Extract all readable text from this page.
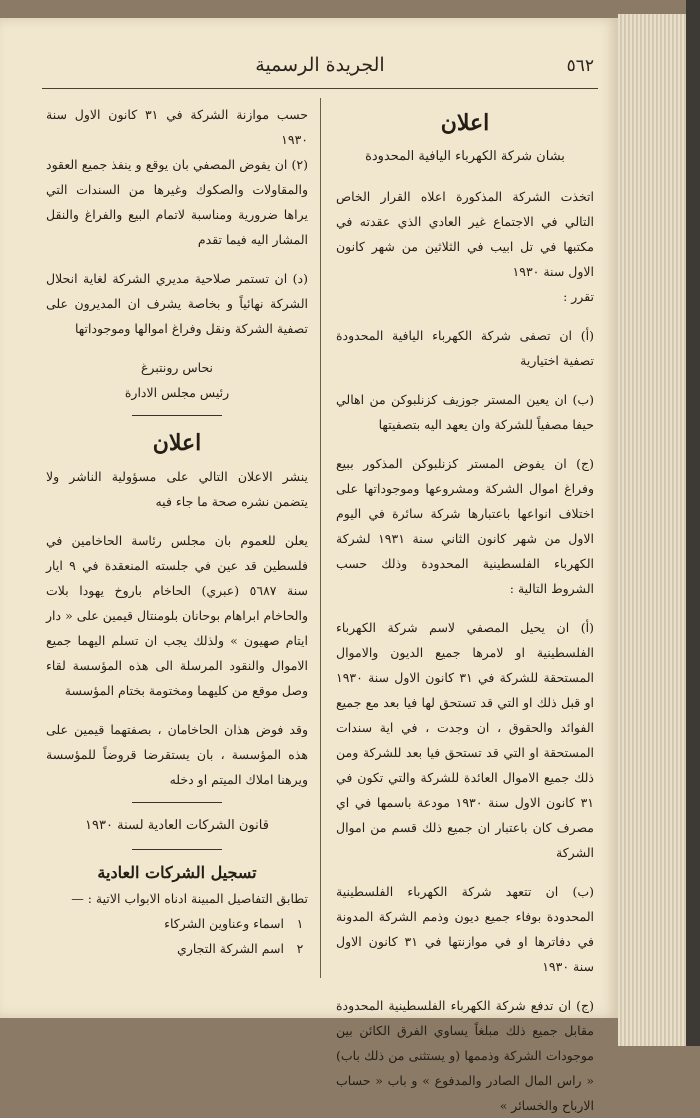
٥٦٢
الجريدة الرسمية
اعلان
بشان شركة الكهرباء اليافية المحدودة

اتخذت الشركة المذكورة اعلاه القرار الخاص التالي في الاجتماع غير العادي الذي عقدته في مكتبها في تل ابيب في الثلاثين من شهر كانون الاول سنة ١٩٣٠

تقرر :

(أ) ان تصفى شركة الكهرباء اليافية المحدودة تصفية اختيارية

(ب) ان يعين المستر جوزيف كزنلبوكن من اهالي حيفا مصفياً للشركة وان يعهد اليه بتصفيتها

(ج) ان يفوض المستر كزنلبوكن المذكور ببيع وفراغ اموال الشركة ومشروعها وموجوداتها على اختلاف انواعها باعتبارها شركة سائرة في اليوم الاول من شهر كانون الثاني سنة ١٩٣١ لشركة الكهرباء الفلسطينية المحدودة وذلك حسب الشروط التالية :

(أ) ان يحيل المصفي لاسم شركة الكهرباء الفلسطينية او لامرها جميع الديون والاموال المستحقة للشركة في ٣١ كانون الاول سنة ١٩٣٠ او قبل ذلك او التي قد تستحق لها فيا بعد مع جميع الفوائد والحقوق ، ان وجدت ، في اية سندات المستحقة او التي قد تستحق فيا بعد للشركة ومن ذلك جميع الاموال العائدة للشركة والتي تكون في ٣١ كانون الاول سنة ١٩٣٠ مودعة باسمها في اي مصرف كان باعتبار ان جميع ذلك قسم من اموال الشركة

(ب) ان تتعهد شركة الكهرباء الفلسطينية المحدودة بوفاء جميع ديون وذمم الشركة المدونة في دفاترها او في موازنتها في ٣١ كانون الاول سنة ١٩٣٠

(ج) ان تدفع شركة الكهرباء الفلسطينية المحدودة مقابل جميع ذلك مبلغاً يساوي الفرق الكائن بين موجودات الشركة وذممها (و يستثنى من ذلك باب) « راس المال الصادر والمدفوع » و باب « حساب الارباح والخسائر »

حسب موازنة الشركة في ٣١ كانون الاول سنة ١٩٣٠

(٢) ان يفوض المصفي بان يوقع و ينفذ جميع العقود والمقاولات والصكوك وغيرها من السندات التي يراها ضرورية ومناسبة لاتمام البيع والفراغ والنقل المشار اليه فيما تقدم

(د) ان تستمر صلاحية مديري الشركة لغاية انحلال الشركة نهائياً و بخاصة يشرف ان المديرون على تصفية الشركة ونقل وفراغ اموالها وموجوداتها

نحاس رونتبرغ
رئيس مجلس الادارة
اعلان

ينشر الاعلان التالي على مسؤولية الناشر ولا يتضمن نشره صحة ما جاء فيه

يعلن للعموم بان مجلس رئاسة الحاخامين في فلسطين قد عين في جلسته المنعقدة في ٩ ايار سنة ٥٦٨٧ (عبري) الحاخام باروخ يهودا بلات والحاخام ابراهام بوحانان بلومنتال قيمين على « دار ايتام صهيون » ولذلك يجب ان تسلم اليهما جميع الاموال والنقود المرسلة الى هذه المؤسسة لقاء وصل موقع من كليهما ومختومة بختام المؤسسة

وقد فوض هذان الحاخامان ، بصفتهما قيمين على هذه المؤسسة ، بان يستقرضا قروضاً للمؤسسة ويرهنا املاك الميتم او دخله

قانون الشركات العادية لسنة ١٩٣٠
تسجيل الشركات العادية

تطابق التفاصيل المبينة ادناه الابواب الاتية : —

١
اسماء وعناوين الشركاء
٢
اسم الشركة التجاري
